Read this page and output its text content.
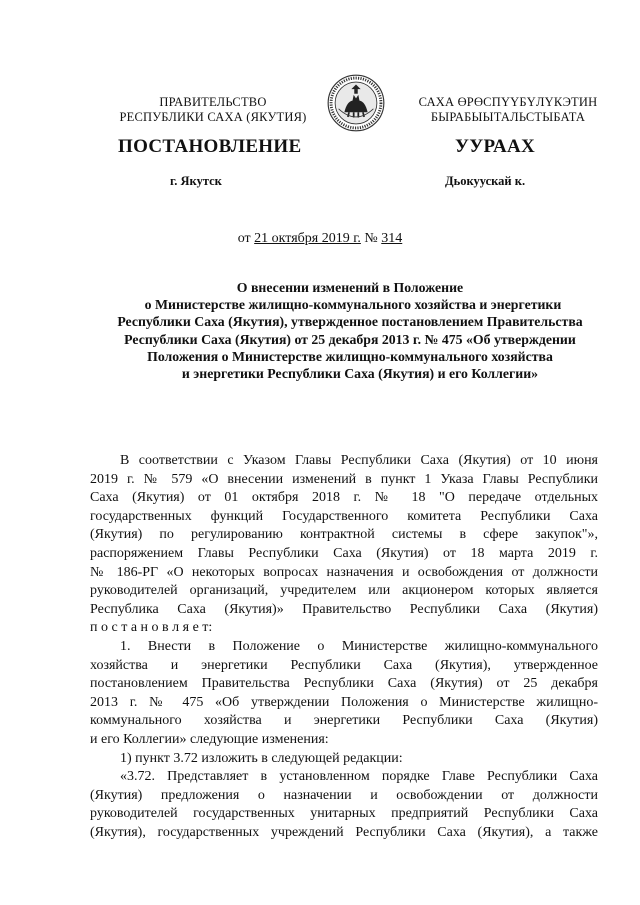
ПРАВИТЕЛЬСТВО
РЕСПУБЛИКИ САХА (ЯКУТИЯ)
САХА ӨРӨСПҮҮБҮЛҮКЭТИН
БЫРАБЫЫТАЛЬСТЫБАТА
ПОСТАНОВЛЕНИЕ	УУРААХ
г. Якутск	Дьокуускай к.
от 21 октября 2019 г. № 314
О внесении изменений в Положение
о Министерстве жилищно-коммунального хозяйства и энергетики
Республики Саха (Якутия), утвержденное постановлением Правительства
Республики Саха (Якутия) от 25 декабря 2013 г. № 475 «Об утверждении
Положения о Министерстве жилищно-коммунального хозяйства
и энергетики Республики Саха (Якутия) и его Коллегии»
В соответствии с Указом Главы Республики Саха (Якутия) от 10 июня
2019 г. № 579 «О внесении изменений в пункт 1 Указа Главы Республики
Саха (Якутия) от 01 октября 2018 г. № 18 "О передаче отдельных
государственных функций Государственного комитета Республики Саха
(Якутия) по регулированию контрактной системы в сфере закупок"»,
распоряжением Главы Республики Саха (Якутия) от 18 марта 2019 г.
№ 186-РГ «О некоторых вопросах назначения и освобождения от должности
руководителей организаций, учредителем или акционером которых является
Республика Саха (Якутия)» Правительство Республики Саха (Якутия)
п о с т а н о в л я е т:
1. Внести в Положение о Министерстве жилищно-коммунального
хозяйства и энергетики Республики Саха (Якутия), утвержденное
постановлением Правительства Республики Саха (Якутия) от 25 декабря
2013 г. № 475 «Об утверждении Положения о Министерстве жилищно-
коммунального хозяйства и энергетики Республики Саха (Якутия)
и его Коллегии» следующие изменения:
1) пункт 3.72 изложить в следующей редакции:
«3.72. Представляет в установленном порядке Главе Республики Саха
(Якутия) предложения о назначении и освобождении от должности
руководителей государственных унитарных предприятий Республики Саха
(Якутия), государственных учреждений Республики Саха (Якутия), а также
